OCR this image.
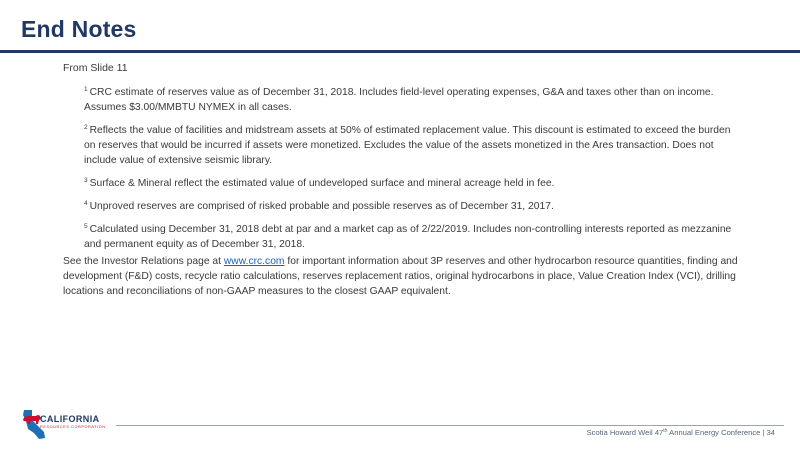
End Notes
From Slide 11

$^1$ CRC estimate of reserves value as of December 31, 2018. Includes field-level operating expenses, G&A and taxes other than on income. Assumes $3.00/MMBTU NYMEX in all cases.

$^2$ Reflects the value of facilities and midstream assets at 50% of estimated replacement value. This discount is estimated to exceed the burden on reserves that would be incurred if assets were monetized. Excludes the value of the assets monetized in the Ares transaction. Does not include value of extensive seismic library.

$^3$ Surface & Mineral reflect the estimated value of undeveloped surface and mineral acreage held in fee.

$^4$ Unproved reserves are comprised of risked probable and possible reserves as of December 31, 2017.

$^5$ Calculated using December 31, 2018 debt at par and a market cap as of 2/22/2019. Includes non-controlling interests reported as mezzanine and permanent equity as of December 31, 2018.

See the Investor Relations page at www.crc.com for important information about 3P reserves and other hydrocarbon resource quantities, finding and development (F&D) costs, recycle ratio calculations, reserves replacement ratios, original hydrocarbons in place, Value Creation Index (VCI), drilling locations and reconciliations of non-GAAP measures to the closest GAAP equivalent.
CALIFORNIA
RESOURCES CORPORATION
Scotia Howard Weil 47th Annual Energy Conference | 34
